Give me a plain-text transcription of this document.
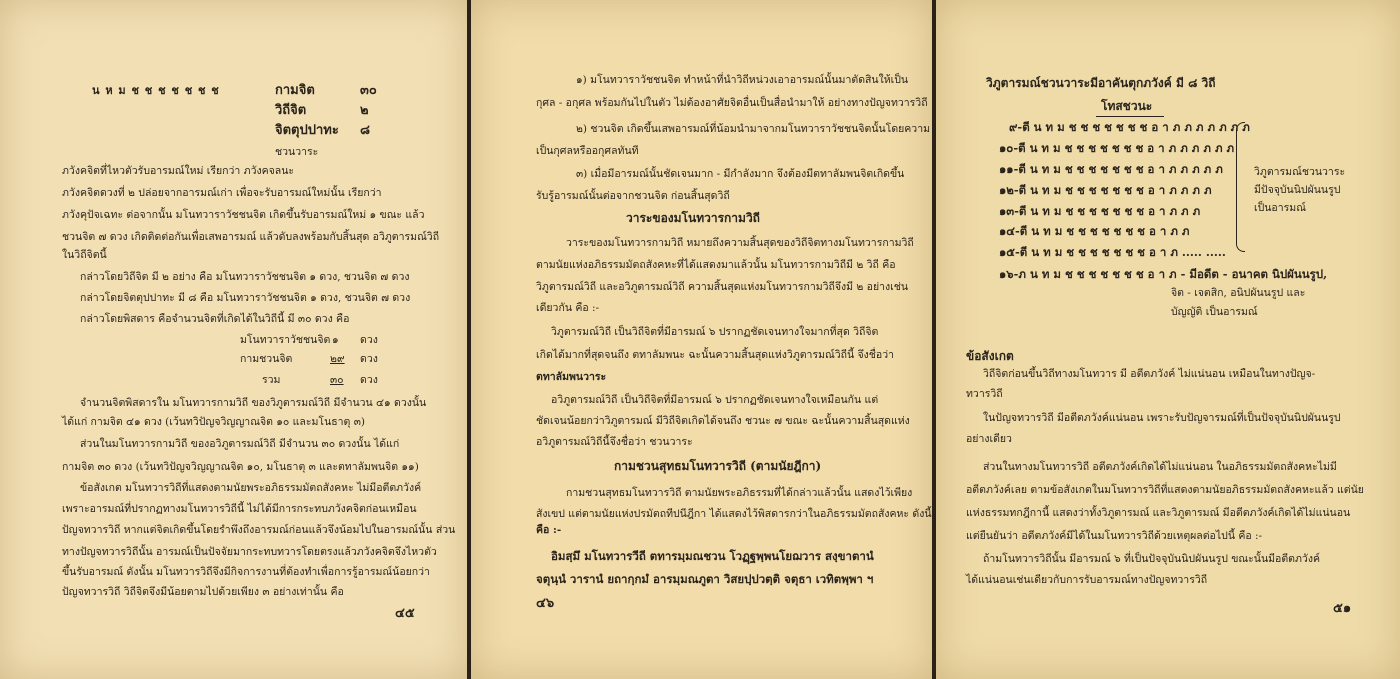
น ห ม ช ช ช ช ช ช ช	กามจิต	๓๐
วิถีจิต	๒
จิตตุปปาทะ ๘
ชวนวาระ
ภวังคจิตที่ไหวตัวรับอารมณ์ใหม่ เรียกว่า ภวังคจลนะ
ภวังคจิตดวงที่ ๒ ปล่อยจากอารมณ์เก่า เพื่อจะรับอารมณ์ใหม่นั้น เรียกว่า
ภวังคุปัจเฉทะ ต่อจากนั้น มโนทวาราวัชชนจิต เกิดขึ้นรับอารมณ์ใหม่ ๑ ขณะ แล้ว
ชวนจิต ๗ ดวง เกิดติดต่อกันเพื่อเสพอารมณ์ แล้วดับลงพร้อมกับสิ้นสุด อวิภูตารมณ์วิถี
ในวิถีจิตนี้
กล่าวโดยวิถีจิต มี ๒ อย่าง คือ มโนทวาราวัชชนจิต ๑ ดวง, ชวนจิต ๗ ดวง
กล่าวโดยจิตตุปปาทะ มี ๘ คือ มโนทวาราวัชชนจิต ๑ ดวง, ชวนจิต ๗ ดวง
กล่าวโดยพิสดาร คือจำนวนจิตที่เกิดได้ในวิถีนี้ มี ๓๐ ดวง คือ
มโนทวาราวัชชนจิต ๑ ดวง
กามชวนจิต	๒๙ ดวง
รวม	๓๐ ดวง
จำนวนจิตพิสดารใน มโนทวารกามวิถี ของวิภูตารมณ์วิถี มีจำนวน ๔๑ ดวงนั้น
ได้แก่ กามจิต ๔๑ ดวง (เว้นทวิปัญจวิญญาณจิต ๑๐ และมโนธาตุ ๓)
ส่วนในมโนทวารกามวิถี ของอวิภูตารมณ์วิถี มีจำนวน ๓๐ ดวงนั้น ได้แก่
กามจิต ๓๐ ดวง (เว้นทวิปัญจวิญญาณจิต ๑๐, มโนธาตุ ๓ และตทาลัมพนจิต ๑๑)
ข้อสังเกต มโนทวารวิถีที่แสดงตามนัยพระอภิธรรมมัตถสังคหะ ไม่มีอตีตภวังค์
เพราะอารมณ์ที่ปรากฏทางมโนทวารวิถีนี้ ไม่ได้มีการกระทบภวังคจิตก่อนเหมือน
ปัญจทวารวิถี หากแต่จิตเกิดขึ้นโดยรำพึงถึงอารมณ์ก่อนแล้วจึงน้อมไปในอารมณ์นั้น ส่วน
ทางปัญจทวารวิถีนั้น อารมณ์เป็นปัจจัยมากระทบทวารโดยตรงแล้วภวังคจิตจึงไหวตัว
ขึ้นรับอารมณ์ ดังนั้น มโนทวารวิถีจึงมีกิจการงานที่ต้องทำเพื่อการรู้อารมณ์น้อยกว่า
ปัญจทวารวิถี วิถีจิตจึงมีน้อยตามไปด้วยเพียง ๓ อย่างเท่านั้น คือ
๔๕
๑) มโนทวาราวัชชนจิต ทำหน้าที่นำวิถีหน่วงเอาอารมณ์นั้นมาตัดสินให้เป็น
กุศล - อกุศล พร้อมกันไปในตัว ไม่ต้องอาศัยจิตอื่นเป็นสื่อนำมาให้ อย่างทางปัญจทวารวิถี
๒) ชวนจิต เกิดขึ้นเสพอารมณ์ที่น้อมนำมาจากมโนทวาราวัชชนจิตนั้นโดยความ
เป็นกุศลหรืออกุศลทันที
๓) เมื่อมีอารมณ์นั้นชัดเจนมาก - มีกำลังมาก จึงต้องมีตทาลัมพนจิตเกิดขึ้น
รับรู้อารมณ์นั้นต่อจากชวนจิต ก่อนสิ้นสุดวิถี
วาระของมโนทวารกามวิถี
วาระของมโนทวารกามวิถี หมายถึงความสิ้นสุดของวิถีจิตทางมโนทวารกามวิถี
ตามนัยแห่งอภิธรรมมัตถสังคหะที่ได้แสดงมาแล้วนั้น มโนทวารกามวิถีมี ๒ วิถี คือ
วิภูตารมณ์วิถี และอวิภูตารมณ์วิถี ความสิ้นสุดแห่งมโนทวารกามวิถีจึงมี ๒ อย่างเช่น
เดียวกัน คือ :-
วิภูตารมณ์วิถี เป็นวิถีจิตที่มีอารมณ์ ๖ ปรากฏชัดเจนทางใจมากที่สุด วิถีจิต
เกิดได้มากที่สุดจนถึง ตทาลัมพนะ ฉะนั้นความสิ้นสุดแห่งวิภูตารมณ์วิถีนี้ จึงชื่อว่า
ตทาลัมพนวาระ
อวิภูตารมณ์วิถี เป็นวิถีจิตที่มีอารมณ์ ๖ ปรากฏชัดเจนทางใจเหมือนกัน แต่
ชัดเจนน้อยกว่าวิภูตารมณ์ มีวิถีจิตเกิดได้จนถึง ชวนะ ๗ ขณะ ฉะนั้นความสิ้นสุดแห่ง
อวิภูตารมณ์วิถีนี้จึงชื่อว่า ชวนวาระ
กามชวนสุทธมโนทวารวิถี (ตามนัยฎีกา)
กามชวนสุทธมโนทวารวิถี ตามนัยพระอภิธรรมที่ได้กล่าวแล้วนั้น แสดงไว้เพียง
สังเขป แต่ตามนัยแห่งปรมัตถทีปนีฎีกา ได้แสดงไว้พิสดารกว่าในอภิธรรมมัตถสังคหะ ดังนี้
คือ :-
อิมสฺมึ มโนทวารวีถี ตทารมฺมณชวน โวฏฺฐพฺพนโยฌวาร สงฺขาตานํ
จตุนฺนํ วารานํ ยถากฺกมํ อารมฺมณภูตา วิสยปฺปวตฺติ จตุธา เวทิตพฺพา ฯ
๔๖
วิภูตารมณ์ชวนวาระมีอาคันตุกภวังค์ มี ๘ วิถี
โทสชวนะ
๙-ตี น ท ม ช ช ช ช ช ช ช อ า ภ ภ ภ ภ ภ ภ ภ
๑๐-ตี น ท ม ช ช ช ช ช ช ช อ า ภ ภ ภ ภ ภ ภ
๑๑-ตี น ท ม ช ช ช ช ช ช ช อ า ภ ภ ภ ภ ภ
๑๒-ตี น ท ม ช ช ช ช ช ช ช อ า ภ ภ ภ ภ
๑๓-ตี น ท ม ช ช ช ช ช ช ช อ า ภ ภ ภ
๑๔-ตี น ท ม ช ช ช ช ช ช ช อ า ภ ภ
๑๕-ตี น ท ม ช ช ช ช ช ช ช อ า ภ ..... .....
๑๖-ภ น ท ม ช ช ช ช ช ช ช อ า ภ - มีอดีต - อนาคต นิปผันนรูป,
จิต - เจตสิก, อนิปผันนรูป และ
บัญญัติ เป็นอารมณ์
วิภูตารมณ์ชวนวาระ
มีปัจจุบันนิปผันนรูป
เป็นอารมณ์
ข้อสังเกต
วิถีจิตก่อนขึ้นวิถีทางมโนทวาร มี อตีตภวังค์ ไม่แน่นอน เหมือนในทางปัญจ-
ทวารวิถี
ในปัญจทวารวิถี มีอตีตภวังค์แน่นอน เพราะรับปัญจารมณ์ที่เป็นปัจจุบันนิปผันนรูป
อย่างเดียว
ส่วนในทางมโนทวารวิถี อตีตภวังค์เกิดได้ไม่แน่นอน ในอภิธรรมมัตถสังคหะไม่มี
อตีตภวังค์เลย ตามข้อสังเกตในมโนทวารวิถีที่แสดงตามนัยอภิธรรมมัตถสังคหะแล้ว แต่นัย
แห่งธรรมทกฎีกานี้ แสดงว่าทั้งวิภูตารมณ์ และวิภูตารมณ์ มีอตีตภวังค์เกิดได้ไม่แน่นอน
แต่ยืนยันว่า อตีตภวังค์มีได้ในมโนทวารวิถีด้วยเหตุผลต่อไปนี้ คือ :-
ถ้ามโนทวารวิถีนั้น มีอารมณ์ ๖ ที่เป็นปัจจุบันนิปผันนรูป ขณะนั้นมีอตีตภวังค์
ได้แน่นอนเช่นเดียวกับการรับอารมณ์ทางปัญจทวารวิถี
๕๑
